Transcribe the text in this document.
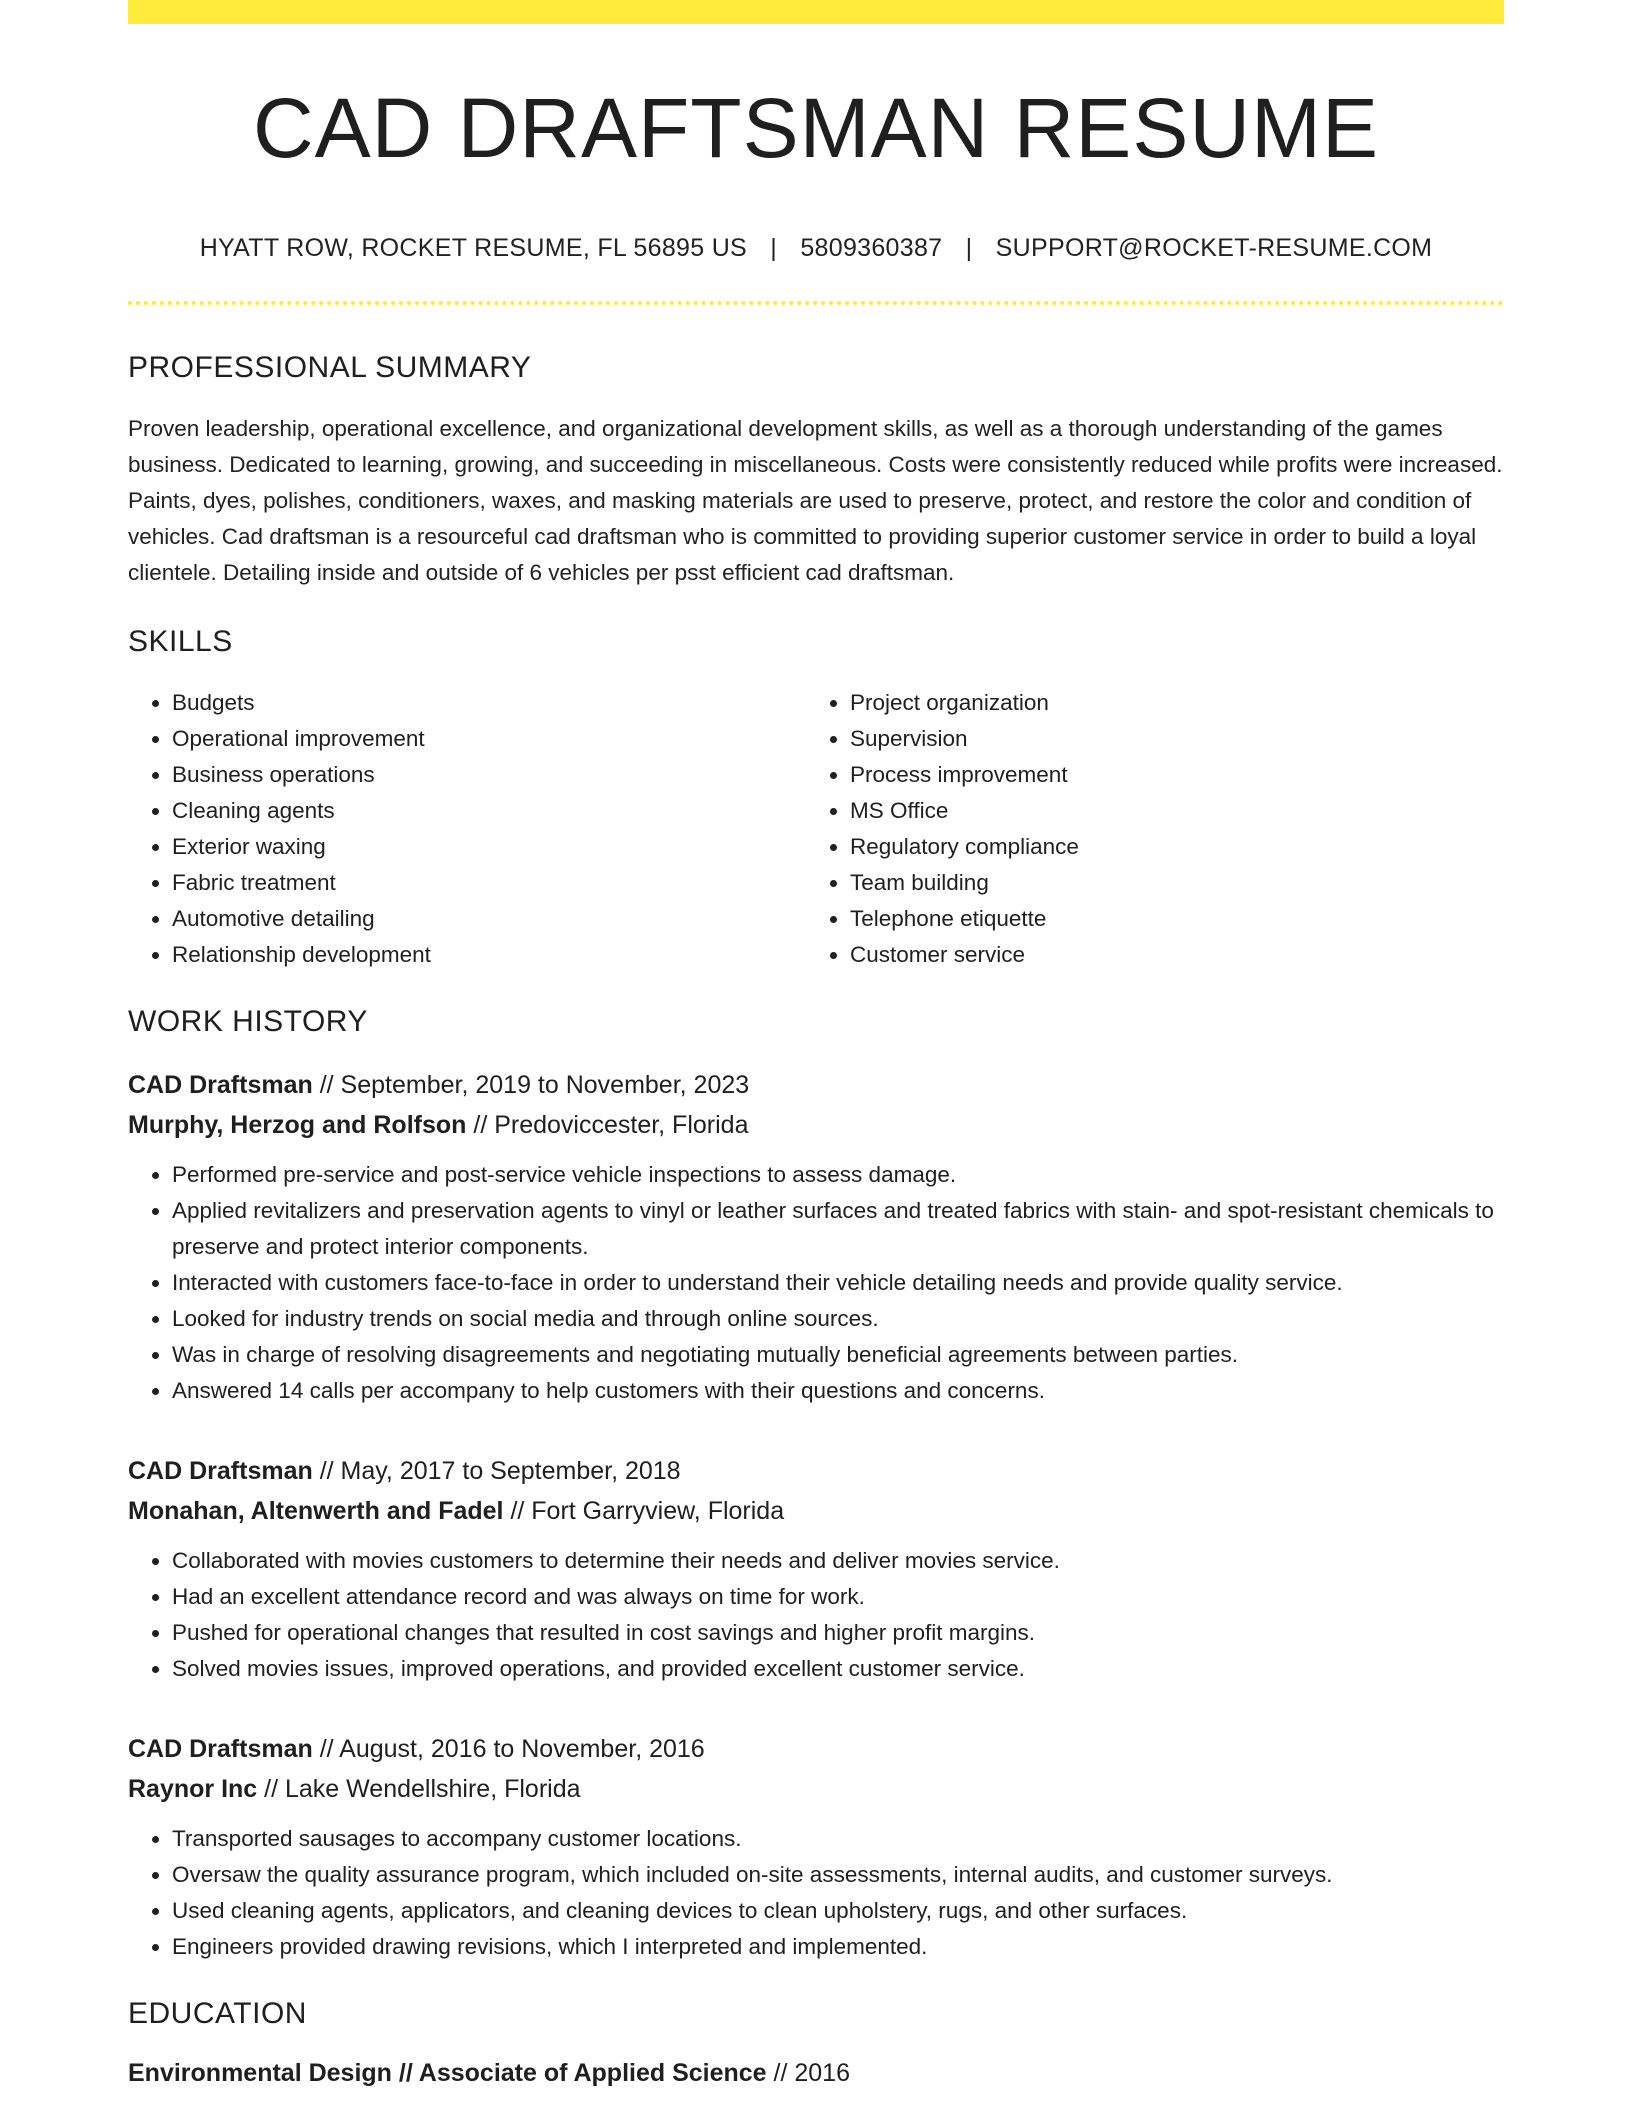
CAD DRAFTSMAN RESUME
HYATT ROW, ROCKET RESUME, FL 56895 US | 5809360387 | SUPPORT@ROCKET-RESUME.COM
PROFESSIONAL SUMMARY

Proven leadership, operational excellence, and organizational development skills, as well as a thorough understanding of the games business. Dedicated to learning, growing, and succeeding in miscellaneous. Costs were consistently reduced while profits were increased. Paints, dyes, polishes, conditioners, waxes, and masking materials are used to preserve, protect, and restore the color and condition of vehicles. Cad draftsman is a resourceful cad draftsman who is committed to providing superior customer service in order to build a loyal clientele. Detailing inside and outside of 6 vehicles per psst efficient cad draftsman.

SKILLS
• Budgets
• Operational improvement
• Business operations
• Cleaning agents
• Exterior waxing
• Fabric treatment
• Automotive detailing
• Relationship development
• Project organization
• Supervision
• Process improvement
• MS Office
• Regulatory compliance
• Team building
• Telephone etiquette
• Customer service
WORK HISTORY
CAD Draftsman // September, 2019 to November, 2023
Murphy, Herzog and Rolfson // Predoviccester, Florida
• Performed pre-service and post-service vehicle inspections to assess damage.
• Applied revitalizers and preservation agents to vinyl or leather surfaces and treated fabrics with stain- and spot-resistant chemicals to preserve and protect interior components.
• Interacted with customers face-to-face in order to understand their vehicle detailing needs and provide quality service.
• Looked for industry trends on social media and through online sources.
• Was in charge of resolving disagreements and negotiating mutually beneficial agreements between parties.
• Answered 14 calls per accompany to help customers with their questions and concerns.
CAD Draftsman // May, 2017 to September, 2018
Monahan, Altenwerth and Fadel // Fort Garryview, Florida
• Collaborated with movies customers to determine their needs and deliver movies service.
• Had an excellent attendance record and was always on time for work.
• Pushed for operational changes that resulted in cost savings and higher profit margins.
• Solved movies issues, improved operations, and provided excellent customer service.
CAD Draftsman // August, 2016 to November, 2016
Raynor Inc // Lake Wendellshire, Florida
• Transported sausages to accompany customer locations.
• Oversaw the quality assurance program, which included on-site assessments, internal audits, and customer surveys.
• Used cleaning agents, applicators, and cleaning devices to clean upholstery, rugs, and other surfaces.
• Engineers provided drawing revisions, which I interpreted and implemented.
EDUCATION
Environmental Design // Associate of Applied Science // 2016
